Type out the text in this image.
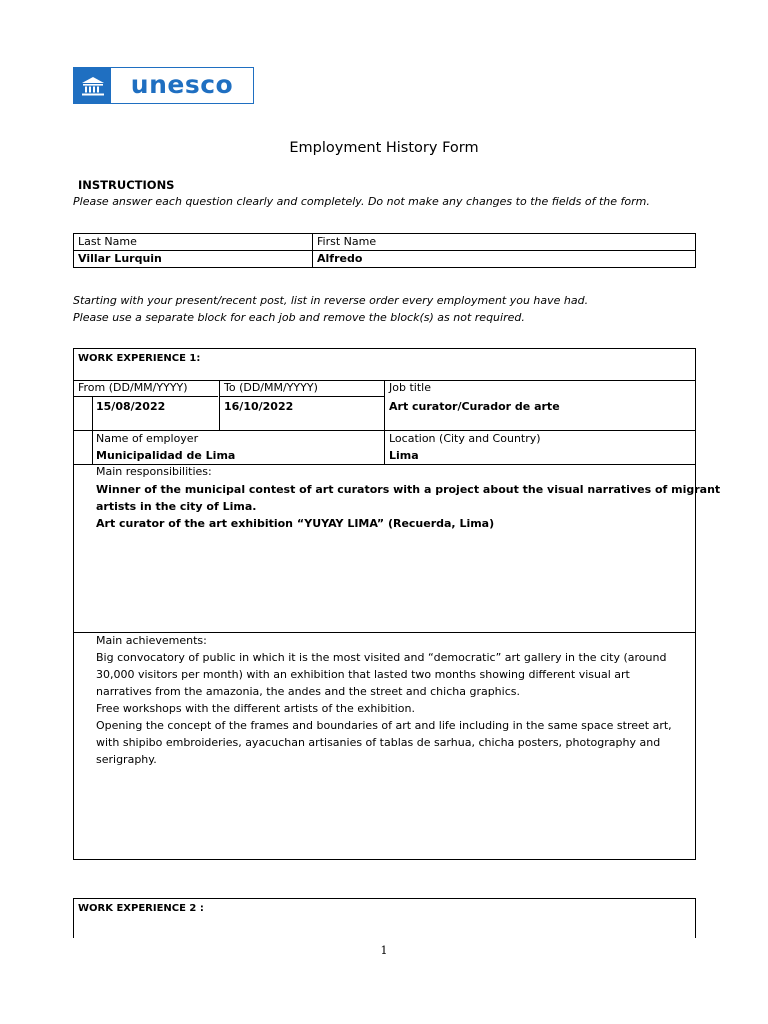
unesco
Employment History Form
INSTRUCTIONS
Please answer each question clearly and completely. Do not make any changes to the fields of the form.
Last Name	First Name
Villar Lurquin	Alfredo
Starting with your present/recent post, list in reverse order every employment you have had.
Please use a separate block for each job and remove the block(s) as not required.
WORK EXPERIENCE 1:
From (DD/MM/YYYY)	To (DD/MM/YYYY)	Job title
15/08/2022	16/10/2022	Art curator/Curador de arte
Name of employer	Location (City and Country)
Municipalidad de Lima	Lima
Main responsibilities:
Winner of the municipal contest of art curators with a project about the visual narratives of migrant
artists in the city of Lima.
Art curator of the art exhibition “YUYAY LIMA” (Recuerda, Lima)
Main achievements:
Big convocatory of public in which it is the most visited and “democratic” art gallery in the city (around
30,000 visitors per month) with an exhibition that lasted two months showing different visual art
narratives from the amazonia, the andes and the street and chicha graphics.
Free workshops with the different artists of the exhibition.
Opening the concept of the frames and boundaries of art and life including in the same space street art,
with shipibo embroideries, ayacuchan artisanies of tablas de sarhua, chicha posters, photography and
serigraphy.
WORK EXPERIENCE 2 :
1
